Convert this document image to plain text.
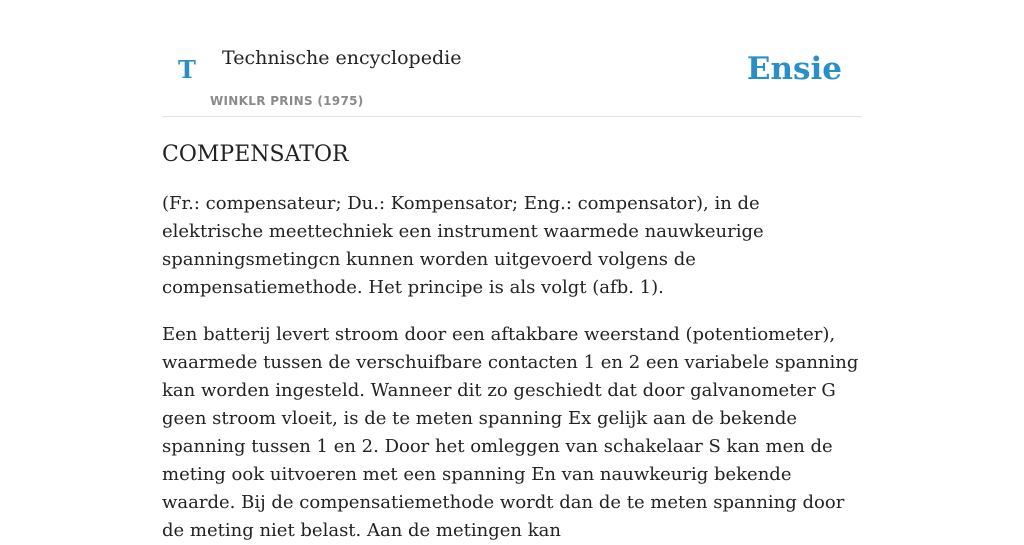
T Technische encyclopedie
WINKLR PRINS (1975)
Ensie
COMPENSATOR

(Fr.: compensateur; Du.: Kompensator; Eng.: compensator), in de elektrische meettechniek een instrument waarmede nauwkeurige spanningsmetingcn kunnen worden uitgevoerd volgens de compensatiemethode. Het principe is als volgt (afb. 1).

Een batterij levert stroom door een aftakbare weerstand (potentiometer), waarmede tussen de verschuifbare contacten 1 en 2 een variabele spanning kan worden ingesteld. Wanneer dit zo geschiedt dat door galvanometer G geen stroom vloeit, is de te meten spanning Ex gelijk aan de bekende spanning tussen 1 en 2. Door het omleggen van schakelaar S kan men de meting ook uitvoeren met een spanning En van nauwkeurig bekende waarde. Bij de compensatiemethode wordt dan de te meten spanning door de meting niet belast. Aan de metingen kan
